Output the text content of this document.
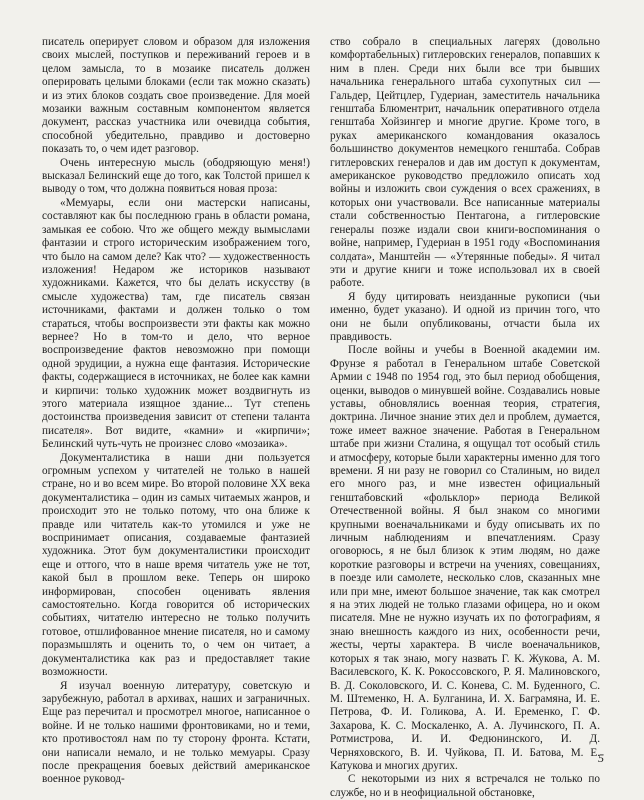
писатель оперирует словом и образом для изложения своих мыслей, поступков и переживаний героев и в целом замысла, то в мозаике писатель должен оперировать целыми блоками (если так можно сказать) и из этих блоков создать свое произведение. Для моей мозаики важным составным компонентом является документ, рассказ участника или очевидца события, способной убедительно, правдиво и достоверно показать то, о чем идет разговор.

Очень интересную мысль (ободряющую меня!) высказал Белинский еще до того, как Толстой пришел к выводу о том, что должна появиться новая проза:

«Мемуары, если они мастерски написаны, составляют как бы последнюю грань в области романа, замыкая ее собою. Что же общего между вымыслами фантазии и строго историческим изображением того, что было на самом деле? Как что? — художественность изложения! Недаром же историков называют художниками. Кажется, что бы делать искусству (в смысле художества) там, где писатель связан источниками, фактами и должен только о том стараться, чтобы воспроизвести эти факты как можно вернее? Но в том-то и дело, что верное воспроизведение фактов невозможно при помощи одной эрудиции, а нужна еще фантазия. Исторические факты, содержащиеся в источниках, не более как камни и кирпичи: только художник может воздвигнуть из этого материала изящное здание... Тут степень достоинства произведения зависит от степени таланта писателя». Вот видите, «камни» и «кирпичи»; Белинский чуть-чуть не произнес слово «мозаика».

Документалистика в наши дни пользуется огромным успехом у читателей не только в нашей стране, но и во всем мире. Во второй половине XX века документалистика – один из самых читаемых жанров, и происходит это не только потому, что она ближе к правде или читатель как-то утомился и уже не воспринимает описания, создаваемые фантазией художника. Этот бум документалистики происходит еще и оттого, что в наше время читатель уже не тот, какой был в прошлом веке. Теперь он широко информирован, способен оценивать явления самостоятельно. Когда говорится об исторических событиях, читателю интересно не только получить готовое, отшлифованное мнение писателя, но и самому поразмышлять и оценить то, о чем он читает, а документалистика как раз и предоставляет такие возможности.

Я изучал военную литературу, советскую и зарубежную, работал в архивах, наших и заграничных. Еще раз перечитал и просмотрел многое, написанное о войне. И не только нашими фронтовиками, но и теми, кто противостоял нам по ту сторону фронта. Кстати, они написали немало, и не только мемуары. Сразу после прекращения боевых действий американское военное руковод-

ство собрало в специальных лагерях (довольно комфортабельных) гитлеровских генералов, попавших к ним в плен. Среди них были все три бывших начальника генерального штаба сухопутных сил — Гальдер, Цейтцлер, Гудериан, заместитель начальника генштаба Блюментрит, начальник оперативного отдела генштаба Хойзингер и многие другие. Кроме того, в руках американского командования оказалось большинство документов немецкого генштаба. Собрав гитлеровских генералов и дав им доступ к документам, американское руководство предложило описать ход войны и изложить свои суждения о всех сражениях, в которых они участвовали. Все написанные материалы стали собственностью Пентагона, а гитлеровские генералы позже издали свои книги-воспоминания о войне, например, Гудериан в 1951 году «Воспоминания солдата», Манштейн — «Утерянные победы». Я читал эти и другие книги и тоже использовал их в своей работе.

Я буду цитировать неизданные рукописи (чьи именно, будет указано). И одной из причин того, что они не были опубликованы, отчасти была их правдивость.

После войны и учебы в Военной академии им. Фрунзе я работал в Генеральном штабе Советской Армии с 1948 по 1954 год, это был период обобщения, оценки, выводов о минувшей войне. Создавались новые уставы, обновлялись военная теория, стратегия, доктрина. Личное знание этих дел и проблем, думается, тоже имеет важное значение. Работая в Генеральном штабе при жизни Сталина, я ощущал тот особый стиль и атмосферу, которые были характерны именно для того времени. Я ни разу не говорил со Сталиным, но видел его много раз, и мне известен официальный генштабовский «фольклор» периода Великой Отечественной войны. Я был знаком со многими крупными военачальниками и буду описывать их по личным наблюдениям и впечатлениям. Сразу оговорюсь, я не был близок к этим людям, но даже короткие разговоры и встречи на учениях, совещаниях, в поезде или самолете, несколько слов, сказанных мне или при мне, имеют большое значение, так как смотрел я на этих людей не только глазами офицера, но и оком писателя. Мне не нужно изучать их по фотографиям, я знаю внешность каждого из них, особенности речи, жесты, черты характера. В числе военачальников, которых я так знаю, могу назвать Г. К. Жукова, А. М. Василевского, К. К. Рокоссовского, Р. Я. Малиновского, В. Д. Соколовского, И. С. Конева, С. М. Буденного, С. М. Штеменко, Н. А. Булганина, И. Х. Баграмяна, И. Е. Петрова, Ф. И. Голикова, А. И. Еременко, Г. Ф. Захарова, К. С. Москаленко, А. А. Лучинского, П. А. Ротмистрова, И. И. Федюнинского, И. Д. Черняховского, В. И. Чуйкова, П. И. Батова, М. Е. Катукова и многих других.

С некоторыми из них я встречался не только по службе, но и в неофициальной обстановке,

5
